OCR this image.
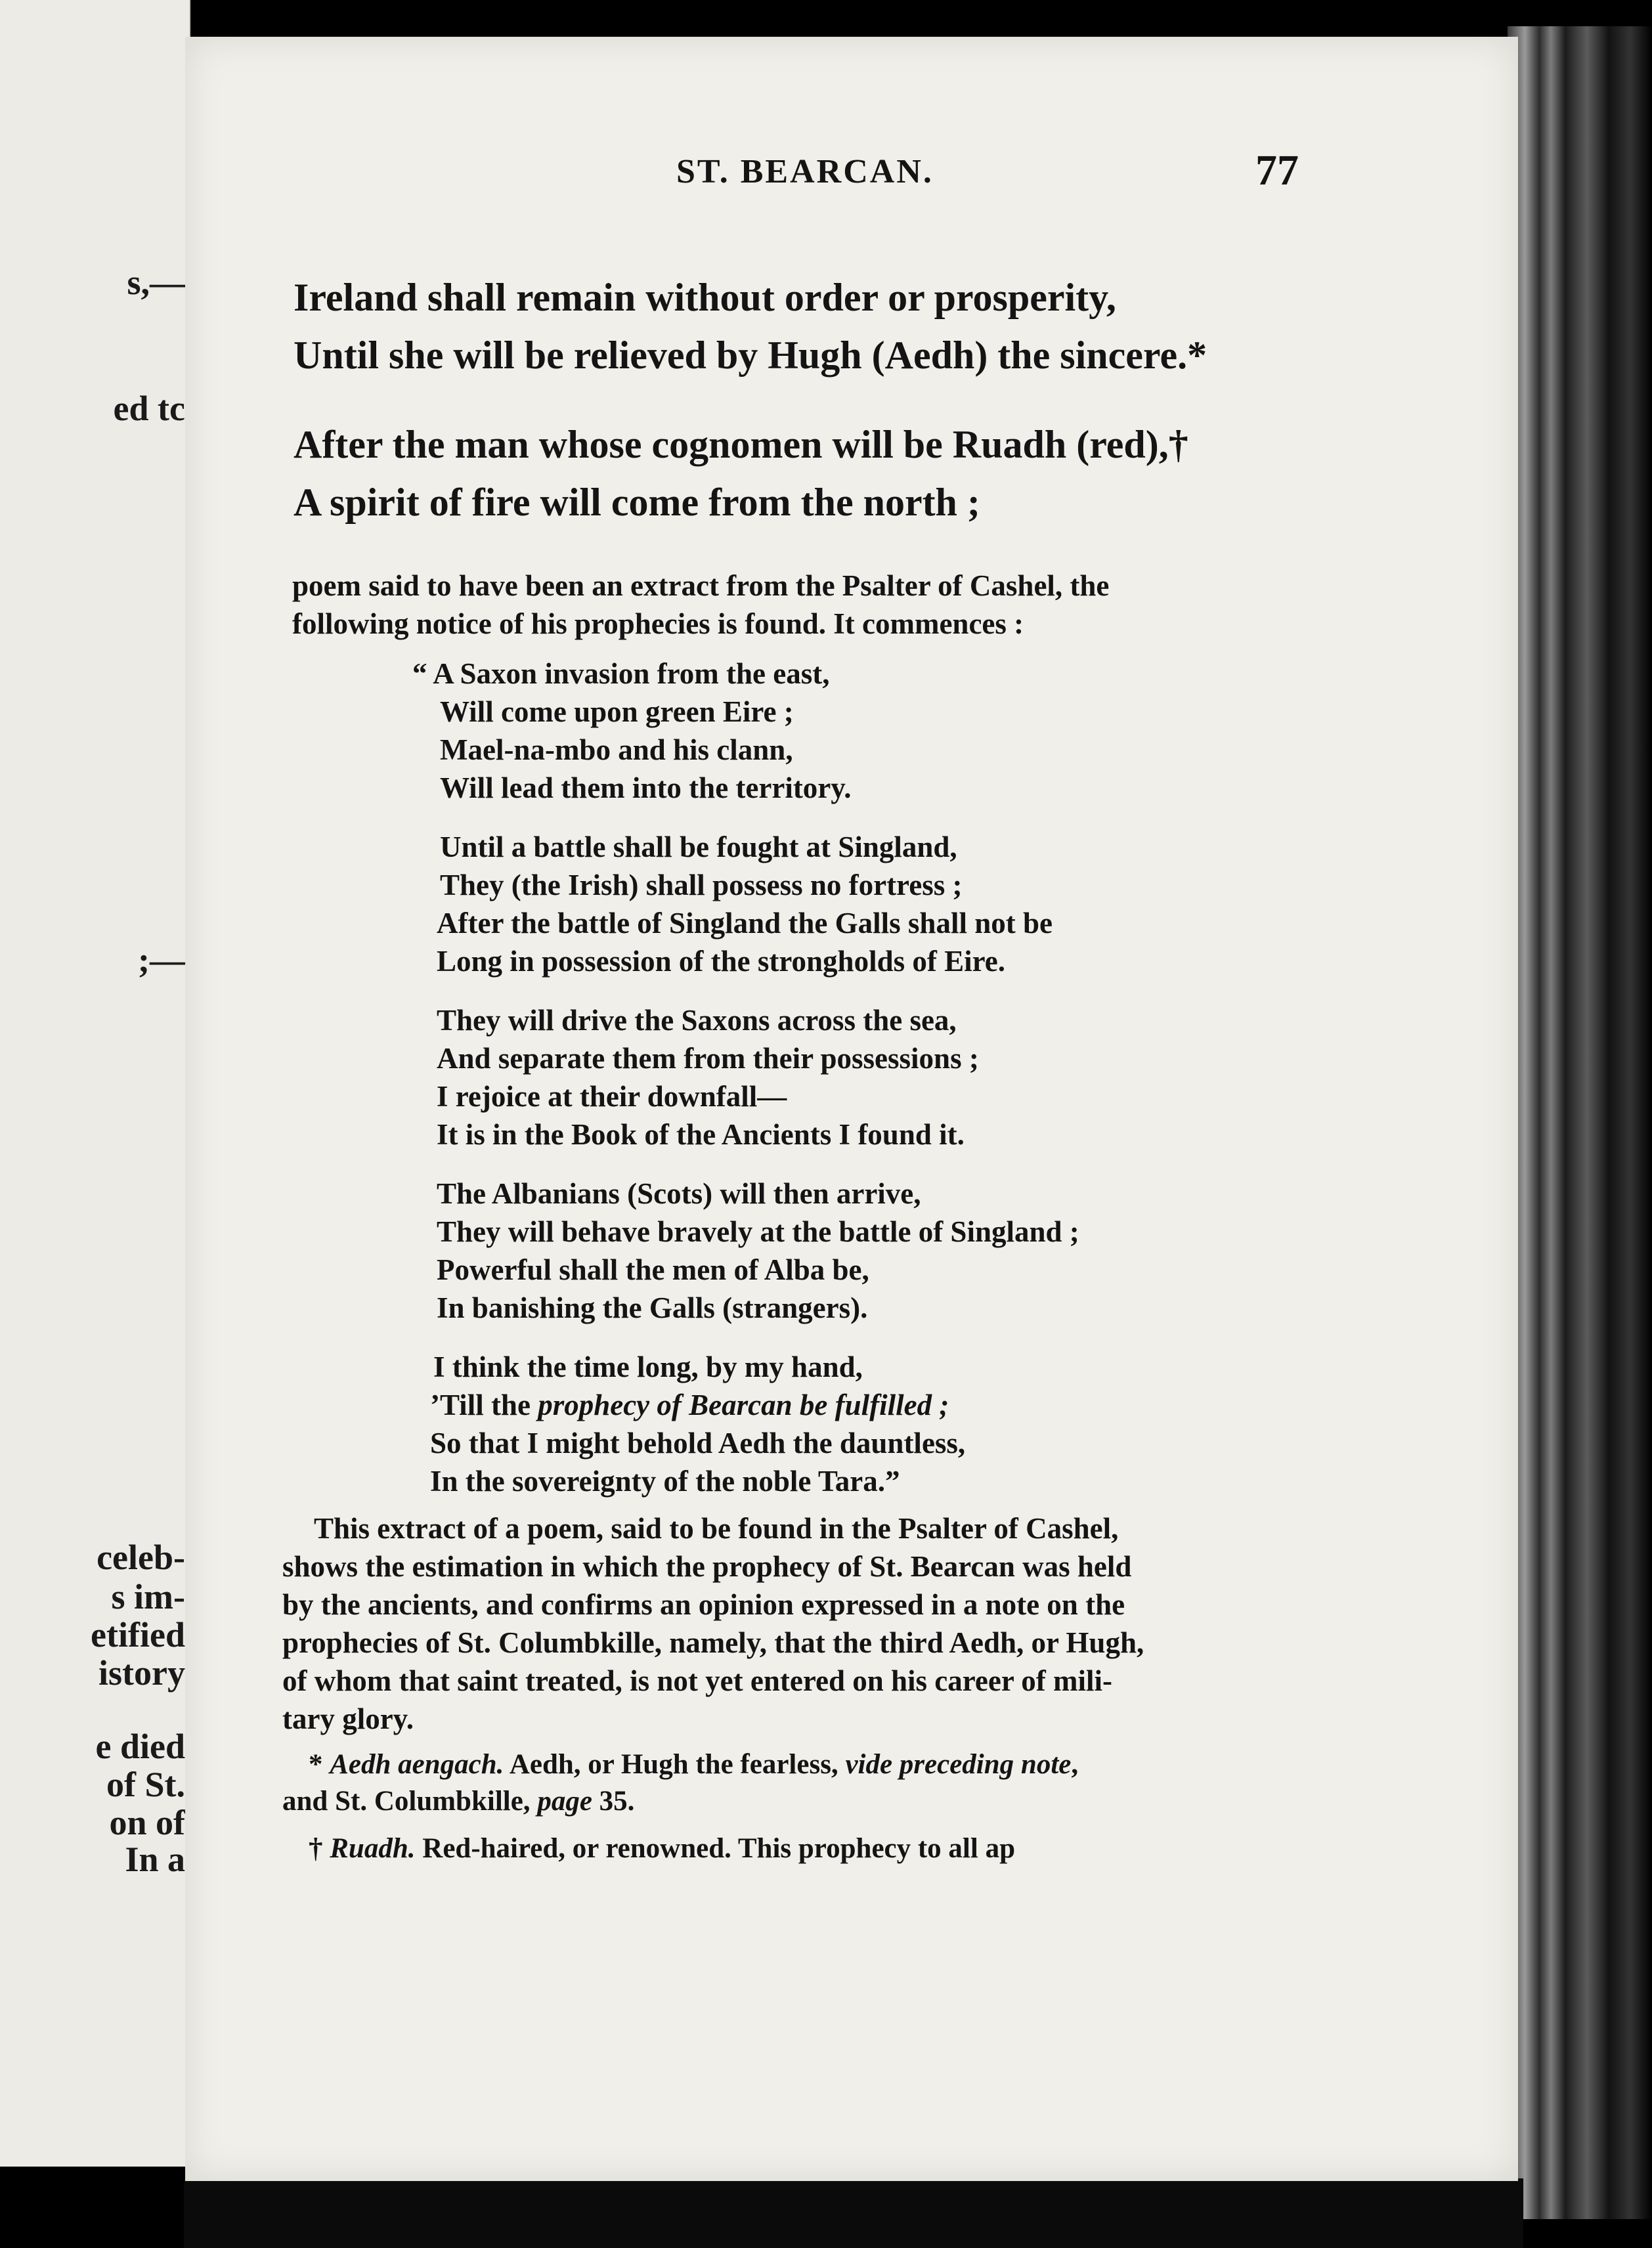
s,—
ed tc
;—
celeb-
s im-
etified
istory
e died
of St.
on of
In a
ST. BEARCAN.	77
Ireland shall remain without order or prosperity,
Until she will be relieved by Hugh (Aedh) the sincere.*
After the man whose cognomen will be Ruadh (red),†
A spirit of fire will come from the north ;
poem said to have been an extract from the Psalter of Cashel, the
following notice of his prophecies is found. It commences :
“ A Saxon invasion from the east,
Will come upon green Eire ;
Mael-na-mbo and his clann,
Will lead them into the territory.
Until a battle shall be fought at Singland,
They (the Irish) shall possess no fortress ;
After the battle of Singland the Galls shall not be
Long in possession of the strongholds of Eire.
They will drive the Saxons across the sea,
And separate them from their possessions ;
I rejoice at their downfall—
It is in the Book of the Ancients I found it.
The Albanians (Scots) will then arrive,
They will behave bravely at the battle of Singland ;
Powerful shall the men of Alba be,
In banishing the Galls (strangers).
I think the time long, by my hand,
’Till the prophecy of Bearcan be fulfilled ;
So that I might behold Aedh the dauntless,
In the sovereignty of the noble Tara.”
This extract of a poem, said to be found in the Psalter of Cashel,
shows the estimation in which the prophecy of St. Bearcan was held
by the ancients, and confirms an opinion expressed in a note on the
prophecies of St. Columbkille, namely, that the third Aedh, or Hugh,
of whom that saint treated, is not yet entered on his career of mili-
tary glory.
* Aedh aengach. Aedh, or Hugh the fearless, vide preceding note,
and St. Columbkille, page 35.
† Ruadh. Red-haired, or renowned. This prophecy to all ap
